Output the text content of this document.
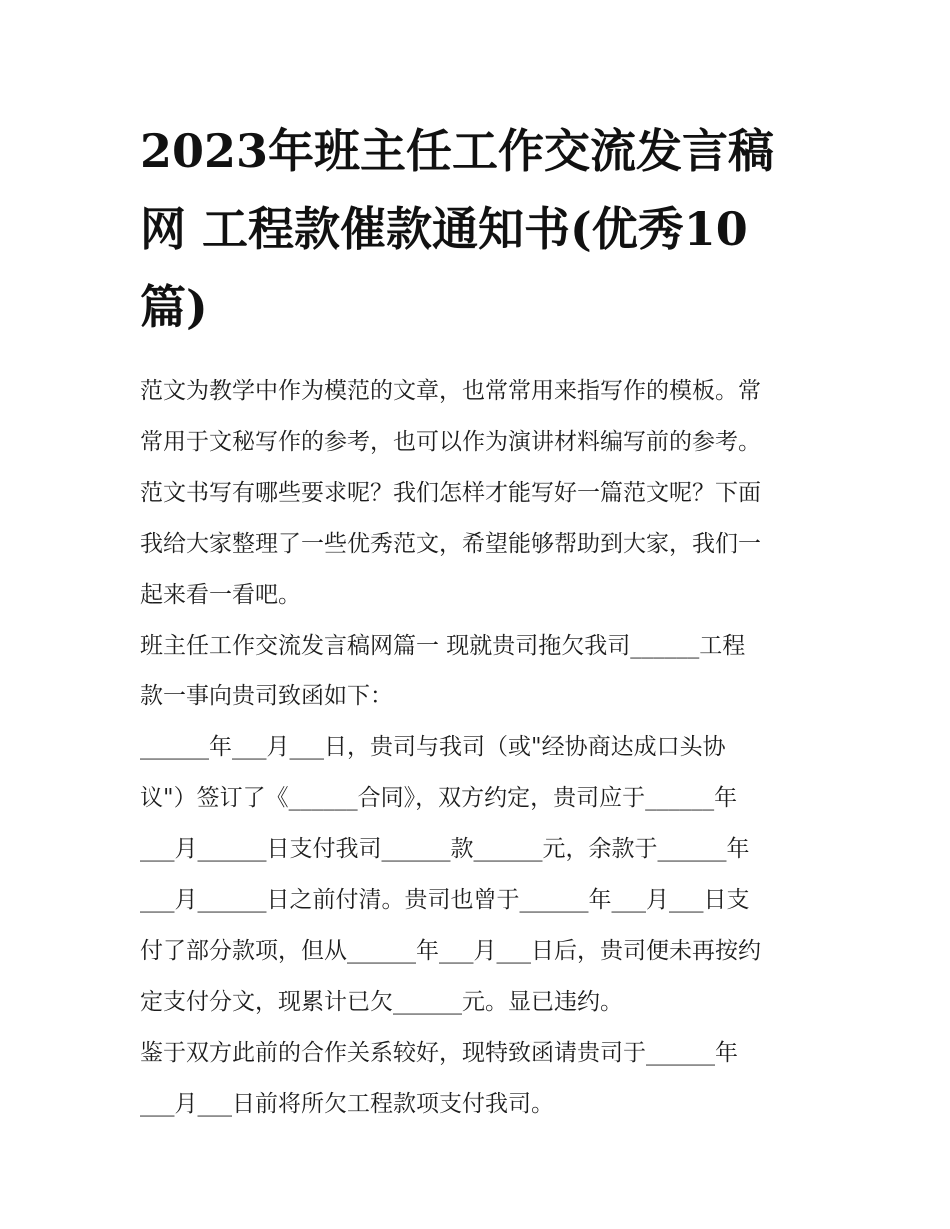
2023年班主任工作交流发言稿
网 工程款催款通知书(优秀10
篇)
范文为教学中作为模范的文章，也常常用来指写作的模板。常
常用于文秘写作的参考，也可以作为演讲材料编写前的参考。
范文书写有哪些要求呢？我们怎样才能写好一篇范文呢？下面
我给大家整理了一些优秀范文，希望能够帮助到大家，我们一
起来看一看吧。
班主任工作交流发言稿网篇一 现就贵司拖欠我司______工程
款一事向贵司致函如下：
______年___月___日，贵司与我司（或"经协商达成口头协
议"）签订了《______合同》，双方约定，贵司应于______年
___月______日支付我司______款______元，余款于______年
___月______日之前付清。贵司也曾于______年___月___日支
付了部分款项，但从______年___月___日后，贵司便未再按约
定支付分文，现累计已欠______元。显已违约。
鉴于双方此前的合作关系较好，现特致函请贵司于______年
___月___日前将所欠工程款项支付我司。
